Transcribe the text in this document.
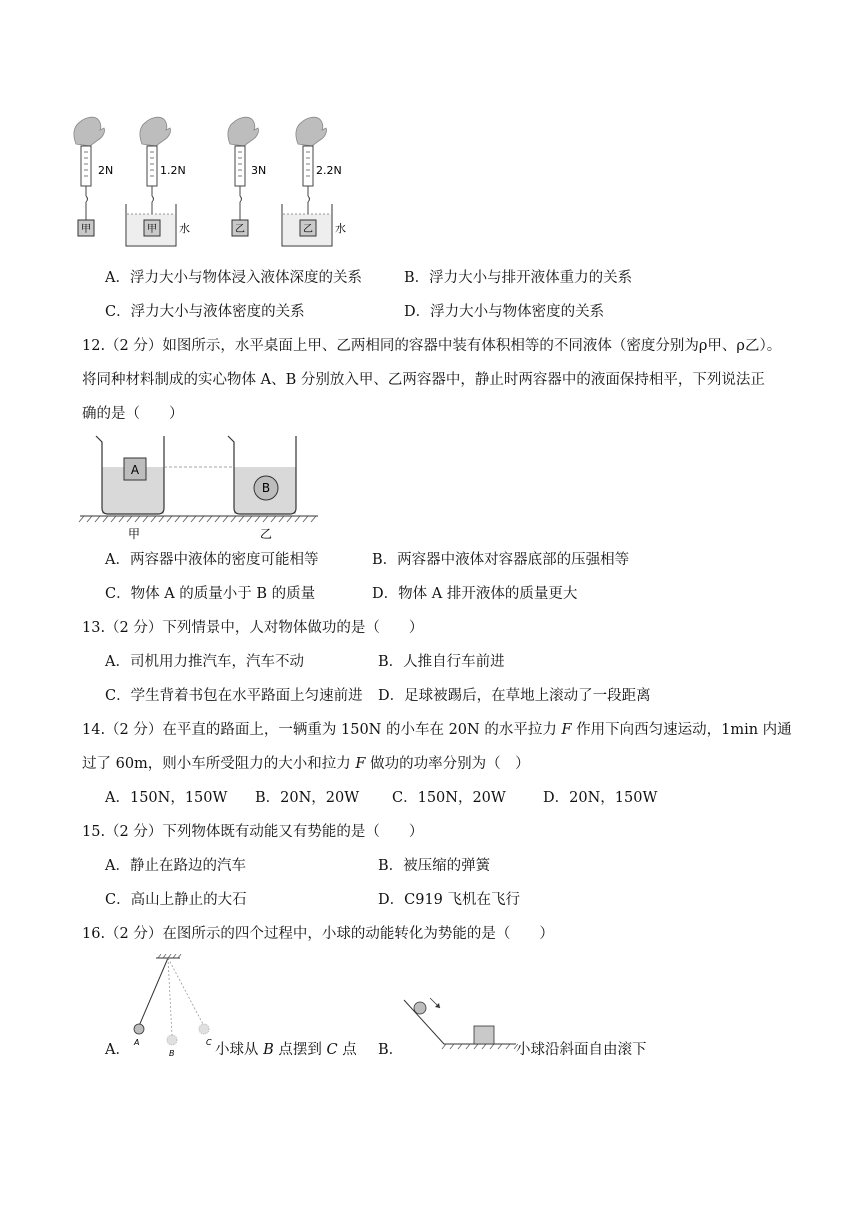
甲
2N
甲
1.2N
水	乙
3N
乙
2.2N
水
A．浮力大小与物体浸入液体深度的关系	B．浮力大小与排开液体重力的关系
C．浮力大小与液体密度的关系	D．浮力大小与物体密度的关系
12.（2 分）如图所示，水平桌面上甲、乙两相同的容器中装有体积相等的不同液体（密度分别为ρ甲、ρ乙）。
将同种材料制成的实心物体 A、B 分别放入甲、乙两容器中，静止时两容器中的液面保持相平，下列说法正
确的是（　　）
A
B
甲	乙
A．两容器中液体的密度可能相等	B．两容器中液体对容器底部的压强相等
C．物体 A 的质量小于 B 的质量	D．物体 A 排开液体的质量更大
13.（2 分）下列情景中，人对物体做功的是（　　）
A．司机用力推汽车，汽车不动	B．人推自行车前进
C．学生背着书包在水平路面上匀速前进 D．足球被踢后，在草地上滚动了一段距离
14.（2 分）在平直的路面上，一辆重为 150N 的小车在 20N 的水平拉力 F 作用下向西匀速运动，1min 内通
过了 60m，则小车所受阻力的大小和拉力 F 做功的功率分别为（　）
A．150N，150W B．20N，20W C．150N，20W	D．20N，150W
15.（2 分）下列物体既有动能又有势能的是（　　）
A．静止在路边的汽车	B．被压缩的弹簧
C．高山上静止的大石	D．C919 飞机在飞行
16.（2 分）在图所示的四个过程中，小球的动能转化为势能的是（　　）
A
B
C
A．	小球从 B 点摆到 C 点 B．	小球沿斜面自由滚下
